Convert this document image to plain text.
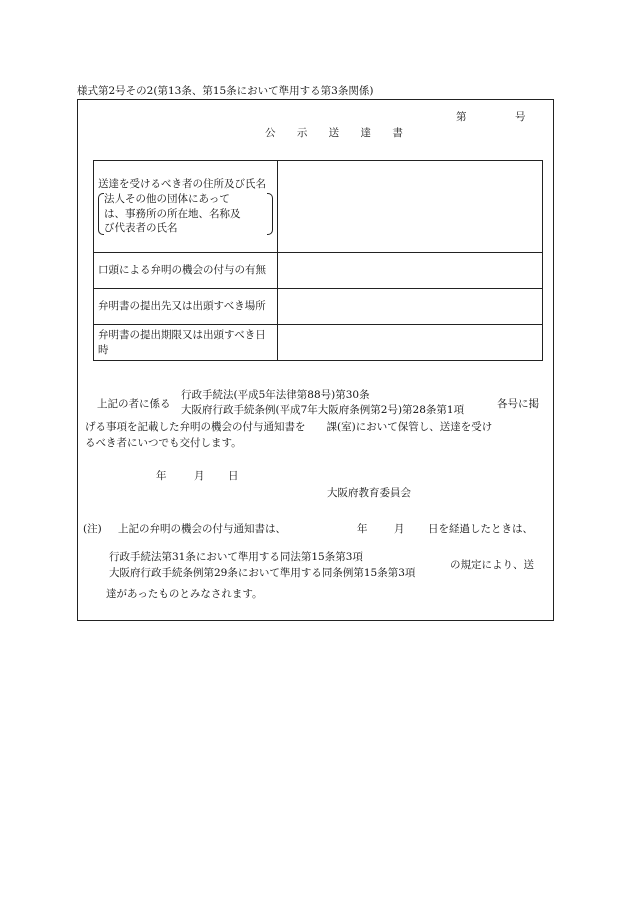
様式第2号その2(第13条、第15条において準用する第3条関係)
第	号
公 示 送 達 書
送達を受けるべき者の住所及び氏名
法人その他の団体にあって
は、事務所の所在地、名称及
び代表者の氏名	

口頭による弁明の機会の付与の有無	
弁明書の提出先又は出頭すべき場所	
弁明書の提出期限又は出頭すべき日時	
上記の者に係る
行政手続法(平成5年法律第88号)第30条
大阪府行政手続条例(平成7年大阪府条例第2号)第28条第1項	各号に掲
げる事項を記載した弁明の機会の付与通知書を　　課(室)において保管し、送達を受け
るべき者にいつでも交付します。
年	月 日
大阪府教育委員会
(注) 上記の弁明の機会の付与通知書は、	年	月 日を経過したときは、
行政手続法第31条において準用する同法第15条第3項
大阪府行政手続条例第29条において準用する同条例第15条第3項
の規定により、送
達があったものとみなされます。
